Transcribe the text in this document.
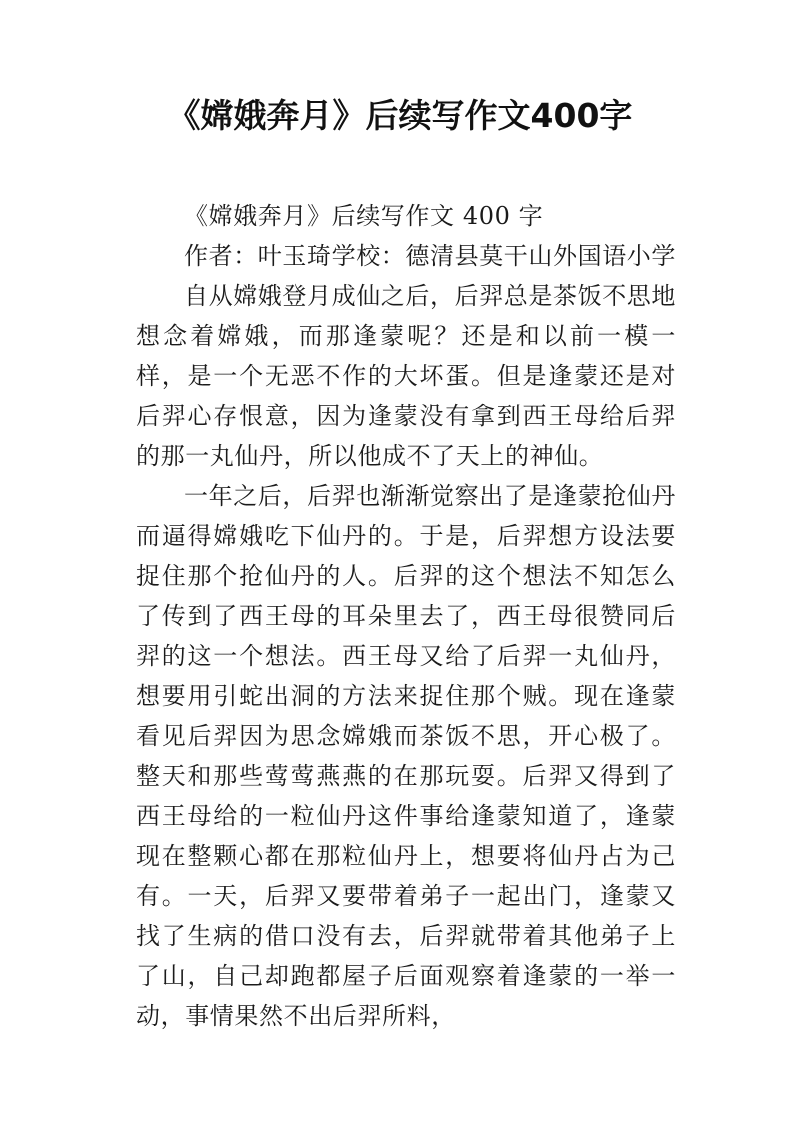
《嫦娥奔月》后续写作文400字

《嫦娥奔月》后续写作文 400 字

作者：叶玉琦学校：德清县莫干山外国语小学

自从嫦娥登月成仙之后，后羿总是茶饭不思地想念着嫦娥，而那逢蒙呢？还是和以前一模一样，是一个无恶不作的大坏蛋。但是逢蒙还是对后羿心存恨意，因为逢蒙没有拿到西王母给后羿的那一丸仙丹，所以他成不了天上的神仙。

一年之后，后羿也渐渐觉察出了是逢蒙抢仙丹而逼得嫦娥吃下仙丹的。于是，后羿想方设法要捉住那个抢仙丹的人。后羿的这个想法不知怎么了传到了西王母的耳朵里去了，西王母很赞同后羿的这一个想法。西王母又给了后羿一丸仙丹，想要用引蛇出洞的方法来捉住那个贼。现在逢蒙看见后羿因为思念嫦娥而茶饭不思，开心极了。整天和那些莺莺燕燕的在那玩耍。后羿又得到了西王母给的一粒仙丹这件事给逢蒙知道了，逢蒙现在整颗心都在那粒仙丹上，想要将仙丹占为己有。一天，后羿又要带着弟子一起出门，逢蒙又找了生病的借口没有去，后羿就带着其他弟子上了山，自己却跑都屋子后面观察着逢蒙的一举一动，事情果然不出后羿所料，
